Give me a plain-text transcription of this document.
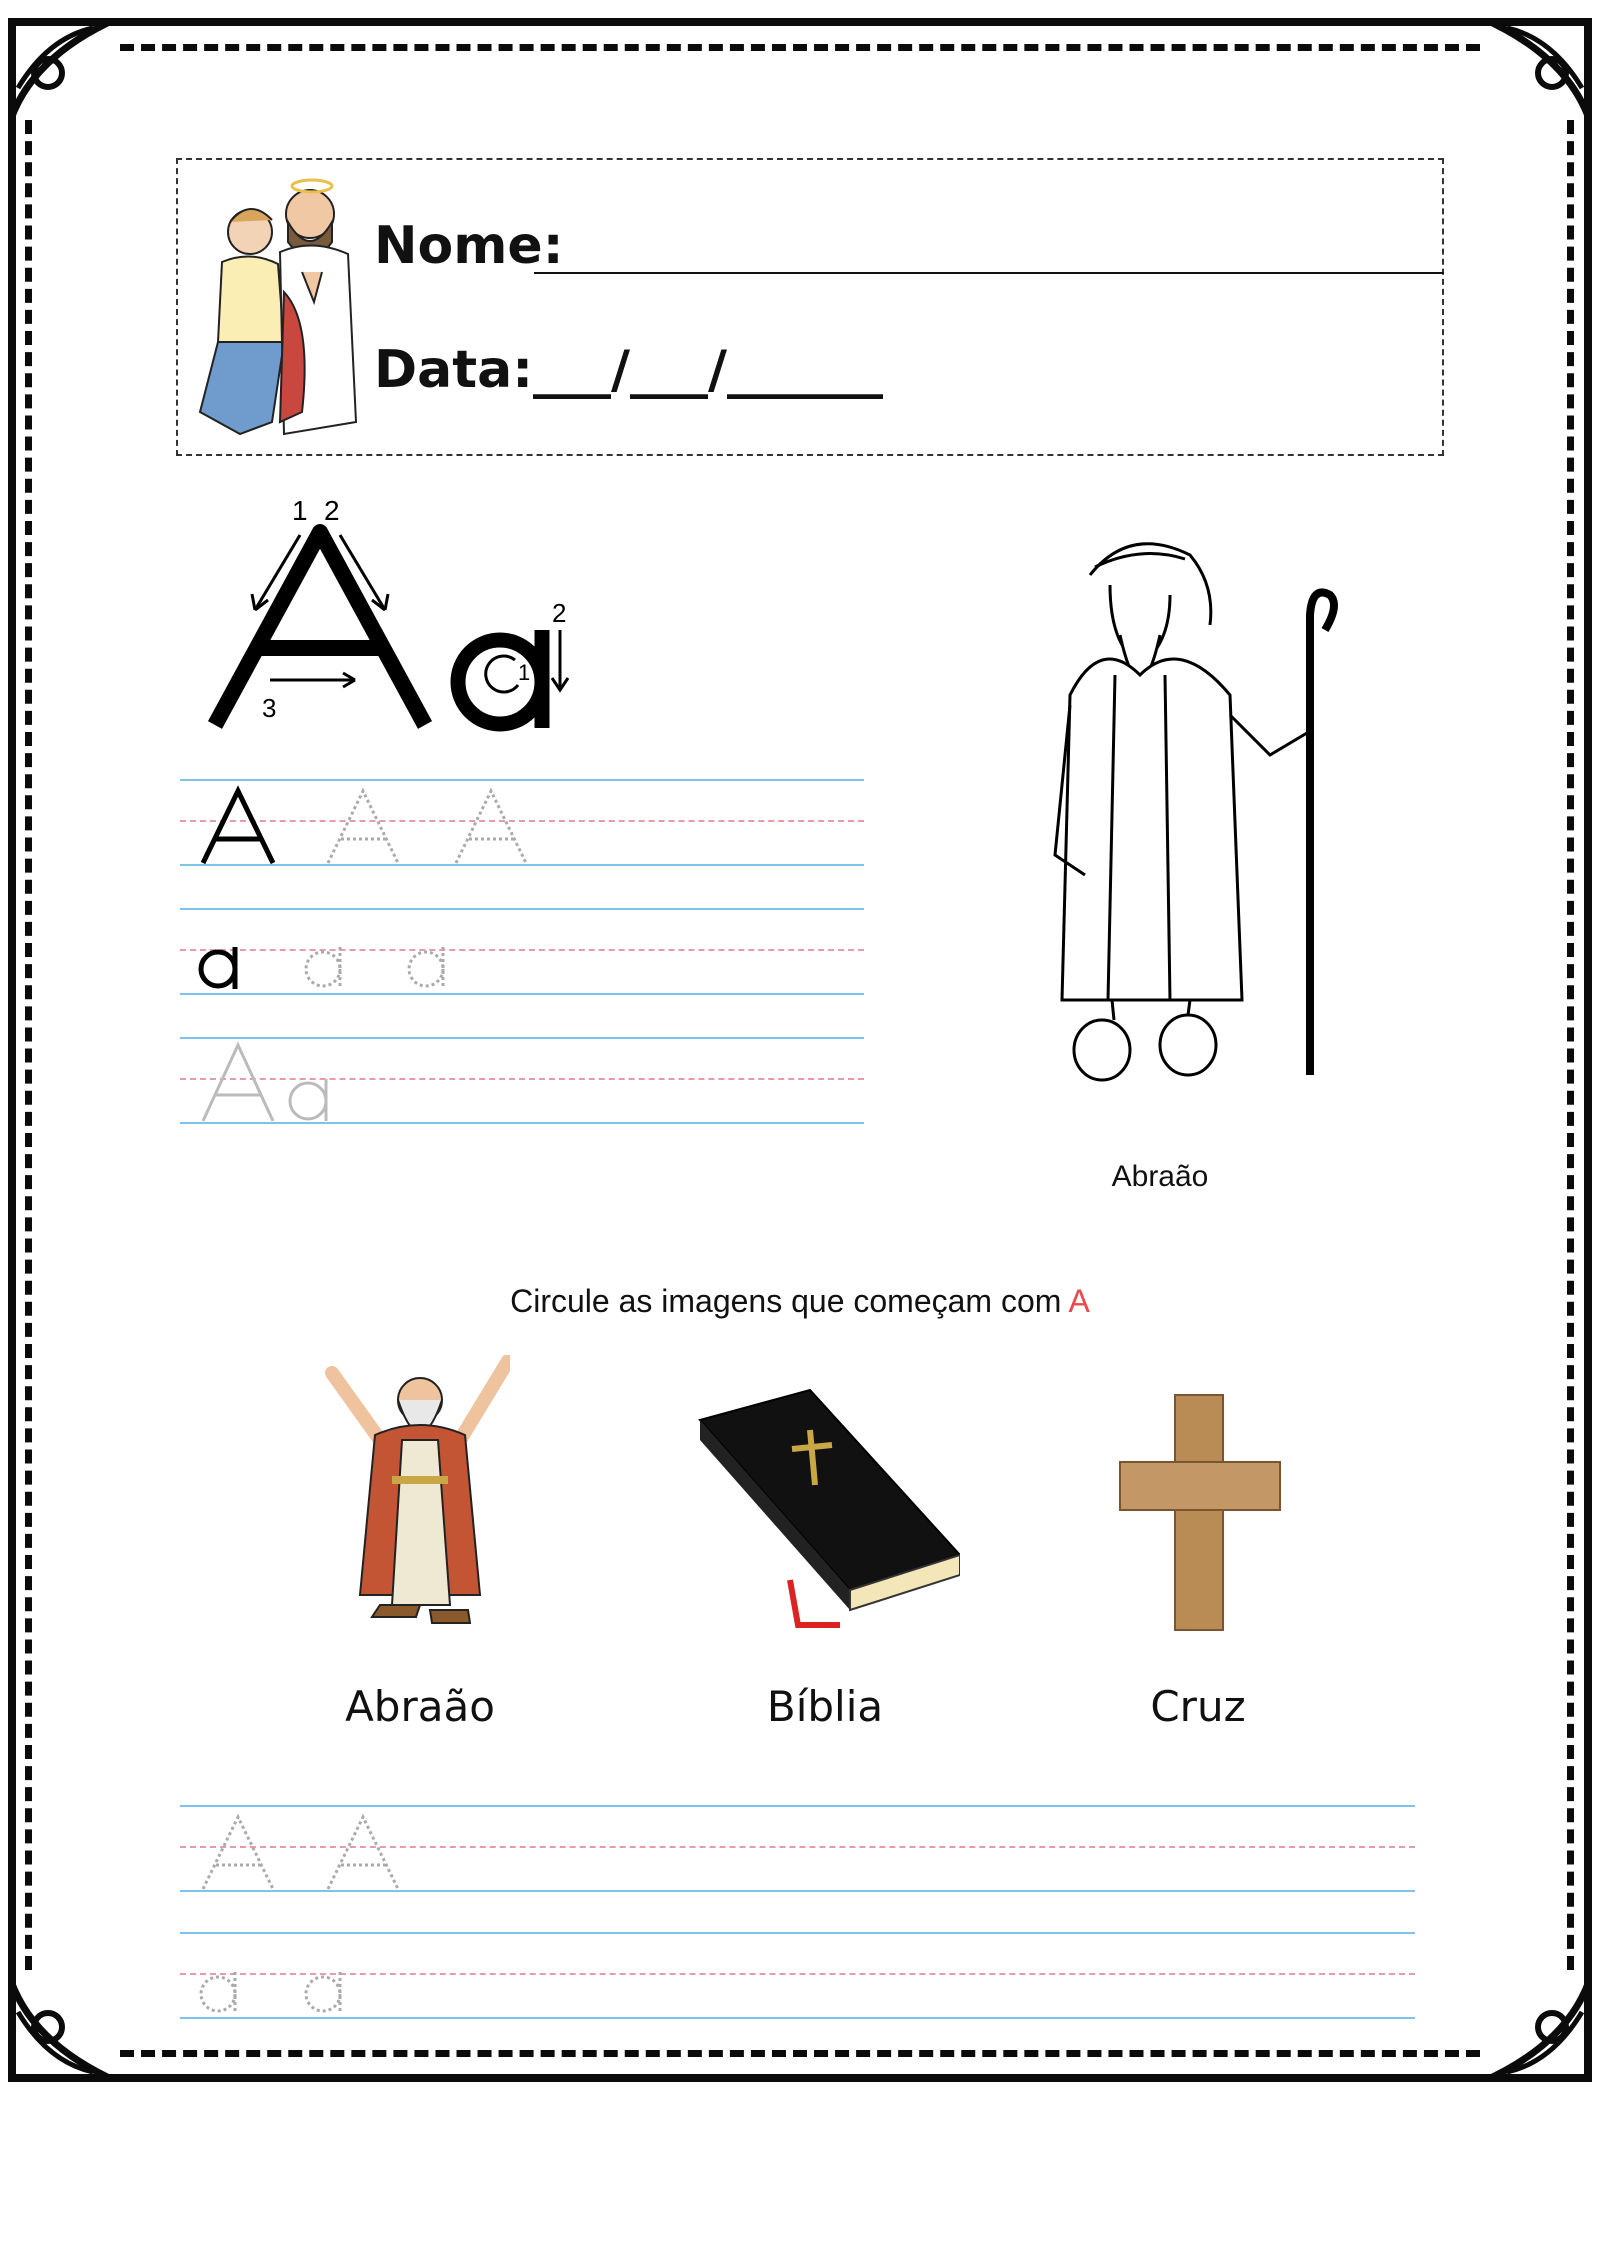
Nome:
Data:___/___/______
1 2
3
1
2
Abraão
Circule as imagens que começam com A
Abraão	Bíblia	Cruz
